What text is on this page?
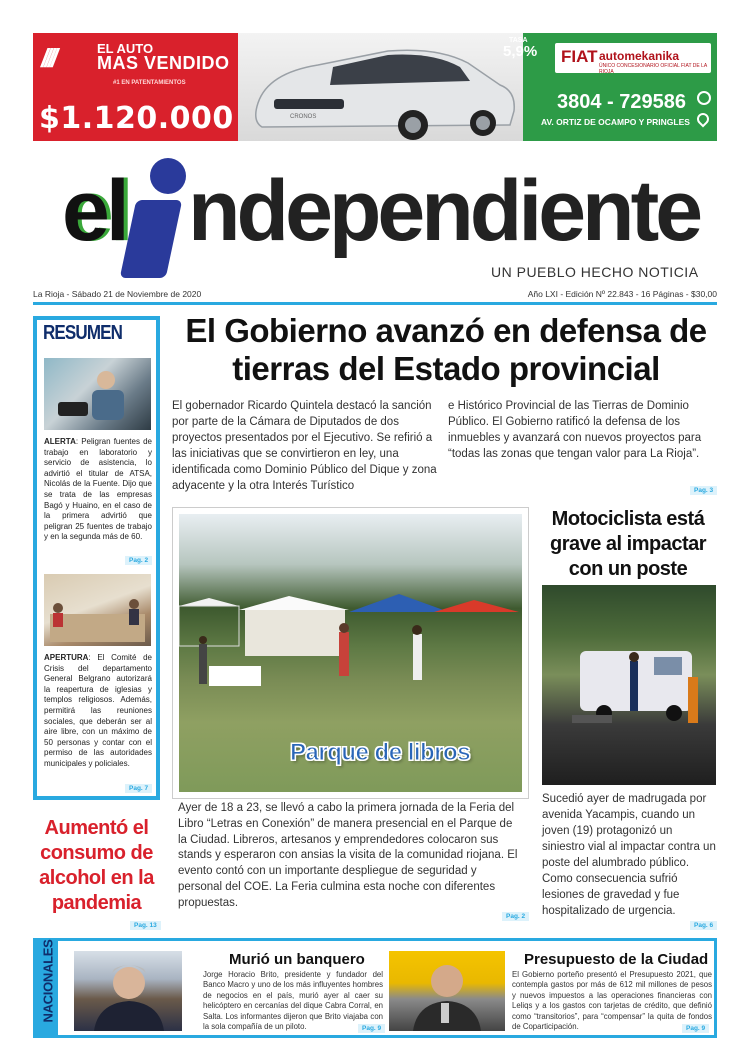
////	EL AUTO
MAS VENDIDO
#1 EN PATENTAMIENTOS
$1.120.000	CRONOS
TASA
5,9% FIAT automekanika
ÚNICO CONCESIONARIO OFICIAL FIAT DE LA RIOJA
3804 - 729586
AV. ORTIZ DE OCAMPO Y PRINGLES
el ndependiente
UN PUEBLO HECHO NOTICIA
La Rioja - Sábado 21 de Noviembre de 2020	Año LXI - Edición Nº 22.843 - 16 Páginas - $30,00
RESUMEN
ALERTA: Peligran fuentes de trabajo en laboratorio y servicio de asistencia, lo advirtió el titular de ATSA, Nicolás de la Fuente. Dijo que se trata de las empresas Bagó y Huaino, en el caso de la primera advirtió que peligran 25 fuentes de trabajo y en la segunda más de 60.
Pag. 2
APERTURA: El Comité de Crisis del departamento General Belgrano autorizará la reapertura de iglesias y templos religiosos. Además, permitirá las reuniones sociales, que deberán ser al aire libre, con un máximo de 50 personas y contar con el permiso de las autoridades municipales y policiales.
Pag. 7
El Gobierno avanzó en defensa de tierras del Estado provincial
El gobernador Ricardo Quintela destacó la sanción por parte de la Cámara de Diputados de dos proyectos presentados por el Ejecutivo. Se refirió a las iniciativas que se convirtieron en ley, una identificada como Dominio Público del Dique y zona adyacente y la otra Interés Turístico
e Histórico Provincial de las Tierras de Dominio Público. El Gobierno ratificó la defensa de los inmuebles y avanzará con nuevos proyectos para “todas las zonas que tengan valor para La Rioja”.
Pag. 3
Parque de libros
Ayer de 18 a 23, se llevó a cabo la primera jornada de la Feria del Libro “Letras en Conexión” de manera presencial en el Parque de la Ciudad. Libreros, artesanos y emprendedores colocaron sus stands y esperaron con ansias la visita de la comunidad riojana. El evento contó con un importante despliegue de seguridad y personal del COE. La Feria culmina esta noche con diferentes propuestas.
Pag. 2
Motociclista está grave al impactar con un poste
Sucedió ayer de madrugada por avenida Yacampis, cuando un joven (19) protagonizó un siniestro vial al impactar contra un poste del alumbrado público. Como consecuencia sufrió lesiones de gravedad y fue hospitalizado de urgencia.
Pag. 6
Aumentó el consumo de alcohol en la pandemia
Pag. 13
NACIONALES	Murió un banquero
Jorge Horacio Brito, presidente y fundador del Banco Macro y uno de los más influyentes hombres de negocios en el país, murió ayer al caer su helicóptero en cercanías del dique Cabra Corral, en Salta. Los informantes dijeron que Brito viajaba con la sola compañía de un piloto.	Pag. 9
Presupuesto de la Ciudad
El Gobierno porteño presentó el Presupuesto 2021, que contempla gastos por más de 612 mil millones de pesos y nuevos impuestos a las operaciones financieras con Leliqs y a los gastos con tarjetas de crédito, que definió como “transitorios”, para “compensar” la quita de fondos de Coparticipación.	Pag. 9
